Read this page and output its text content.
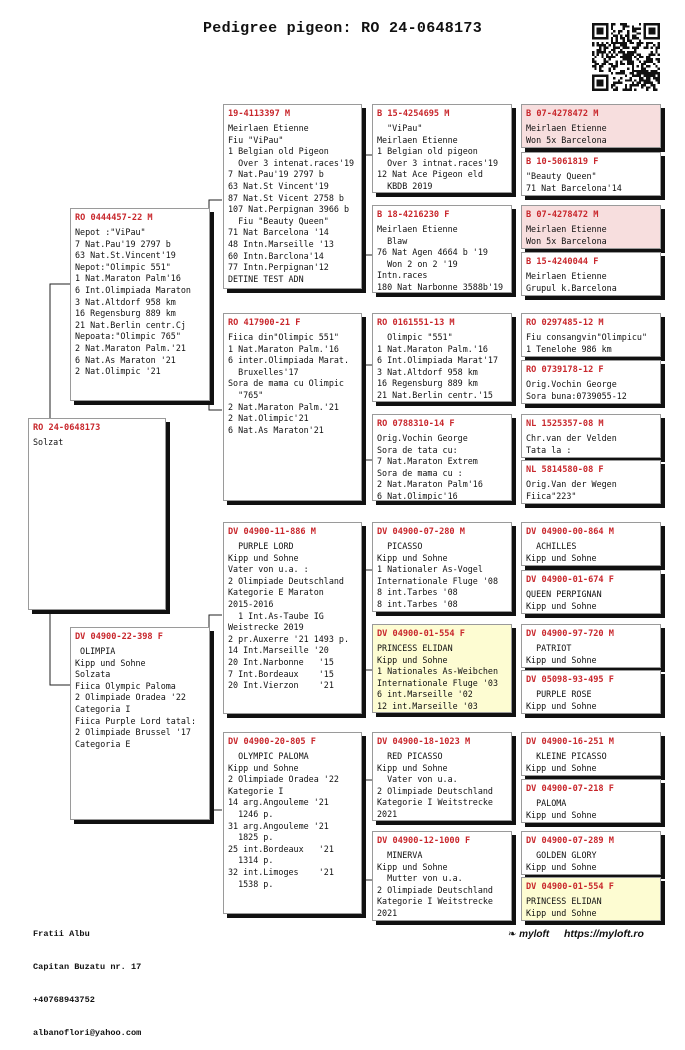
Pedigree pigeon: RO 24-0648173
RO 24-0648173
Solzat
RO 0444457-22 M
Nepot :"ViPau"
7 Nat.Pau'19 2797 b
63 Nat.St.Vincent'19
Nepot:"Olimpic 551"
1 Nat.Maraton Palm'16
6 Int.Olimpiada Maraton
3 Nat.Altdorf 958 km
16 Regensburg 889 km
21 Nat.Berlin centr.Cj
Nepoata:"Olimpic 765"
2 Nat.Maraton Palm.'21
6 Nat.As Maraton '21
2 Nat.Olimpic '21
DV 04900-22-398 F
OLIMPIA
Kipp und Sohne
Solzata
Fiica Olympic Paloma
2 Olimpiade Oradea '22
Categoria I
Fiica Purple Lord tatal:
2 Olimpiade Brussel '17
Categoria E
19-4113397 M
Meirlaen Etienne
Fiu "ViPau"
1 Belgian old Pigeon
Over 3 intenat.races'19
7 Nat.Pau'19 2797 b
63 Nat.St Vincent'19
87 Nat.St Vicent 2758 b
107 Nat.Perpignan 3966 b
Fiu "Beauty Queen"
71 Nat Barcelona '14
48 Intn.Marseille '13
60 Intn.Barclona'14
77 Intn.Perpignan'12
DETINE TEST ADN
RO 417900-21 F
Fiica din"Olimpic 551"
1 Nat.Maraton Palm.'16
6 inter.Olimpiada Marat.
Bruxelles'17
Sora de mama cu Olimpic
"765"
2 Nat.Maraton Palm.'21
2 Nat.Olimpic'21
6 Nat.As Maraton'21
DV 04900-11-886 M
PURPLE LORD
Kipp und Sohne
Vater von u.a. :
2 Olimpiade Deutschland
Kategorie E Maraton
2015-2016
1 Int.As-Taube IG
Weistrecke 2019
2 pr.Auxerre '21 1493 p.
14 Int.Marseille '20
20 Int.Narbonne   '15
7 Int.Bordeaux    '15
20 Int.Vierzon    '21
DV 04900-20-805 F
OLYMPIC PALOMA
Kipp und Sohne
2 Olimpiade Oradea '22
Kategorie I
14 arg.Angouleme '21
1246 p.
31 arg.Angouleme '21
1825 p.
25 int.Bordeaux   '21
1314 p.
32 int.Limoges    '21
1538 p.
B 15-4254695 M
"ViPau"
Meirlaen Etienne
1 Belgian old pigeon
Over 3 intnat.races'19
12 Nat Ace Pigeon eld
KBDB 2019
B 18-4216230 F
Meirlaen Etienne
Blaw
76 Nat Agen 4664 b '19
Won 2 on 2 '19
Intn.races
180 Nat Narbonne 3588b'19
RO 0161551-13 M
Olimpic "551"
1 Nat.Maraton Palm.'16
6 Int.Olimpiada Marat'17
3 Nat.Altdorf 958 km
16 Regensburg 889 km
21 Nat.Berlin centr.'15
RO 0788310-14 F
Orig.Vochin George
Sora de tata cu:
7 Nat.Maraton Extrem
Sora de mama cu :
2 Nat.Maraton Palm'16
6 Nat.Olimpic'16
DV 04900-07-280 M
PICASSO
Kipp und Sohne
1 Nationaler As-Vogel
Internationale Fluge '08
8 int.Tarbes '08
8 int.Tarbes '08
DV 04900-01-554 F
PRINCESS ELIDAN
Kipp und Sohne
1 Nationales As-Weibchen
Internationale Fluge '03
6 int.Marseille '02
12 int.Marseille '03
DV 04900-18-1023 M
RED PICASSO
Kipp und Sohne
Vater von u.a.
2 Olimpiade Deutschland
Kategorie I Weitstrecke
2021
DV 04900-12-1000 F
MINERVA
Kipp und Sohne
Mutter von u.a.
2 Olimpiade Deutschland
Kategorie I Weitstrecke
2021
B 07-4278472 M
Meirlaen Etienne
Won 5x Barcelona
B 10-5061819 F
"Beauty Queen"
71 Nat Barcelona'14
B 07-4278472 M
Meirlaen Etienne
Won 5x Barcelona
B 15-4240044 F
Meirlaen Etienne
Grupul k.Barcelona
RO 0297485-12 M
Fiu consangvin"Olimpicu"
1 Tenelohe 986 km
RO 0739178-12 F
Orig.Vochin George
Sora buna:0739055-12
NL 1525357-08 M
Chr.van der Velden
Tata la :
NL 5814580-08 F
Orig.Van der Wegen
Fiica"223"
DV 04900-00-864 M
ACHILLES
Kipp und Sohne
DV 04900-01-674 F
QUEEN PERPIGNAN
Kipp und Sohne
DV 04900-97-720 M
PATRIOT
Kipp und Sohne
DV 05098-93-495 F
PURPLE ROSE
Kipp und Sohne
DV 04900-16-251 M
KLEINE PICASSO
Kipp und Sohne
DV 04900-07-218 F
PALOMA
Kipp und Sohne
DV 04900-07-289 M
GOLDEN GLORY
Kipp und Sohne
DV 04900-01-554 F
PRINCESS ELIDAN
Kipp und Sohne

Fratii Albu

Capitan Buzatu nr. 17

+40768943752

albanoflori@yahoo.com

❧ myloft https://myloft.ro
